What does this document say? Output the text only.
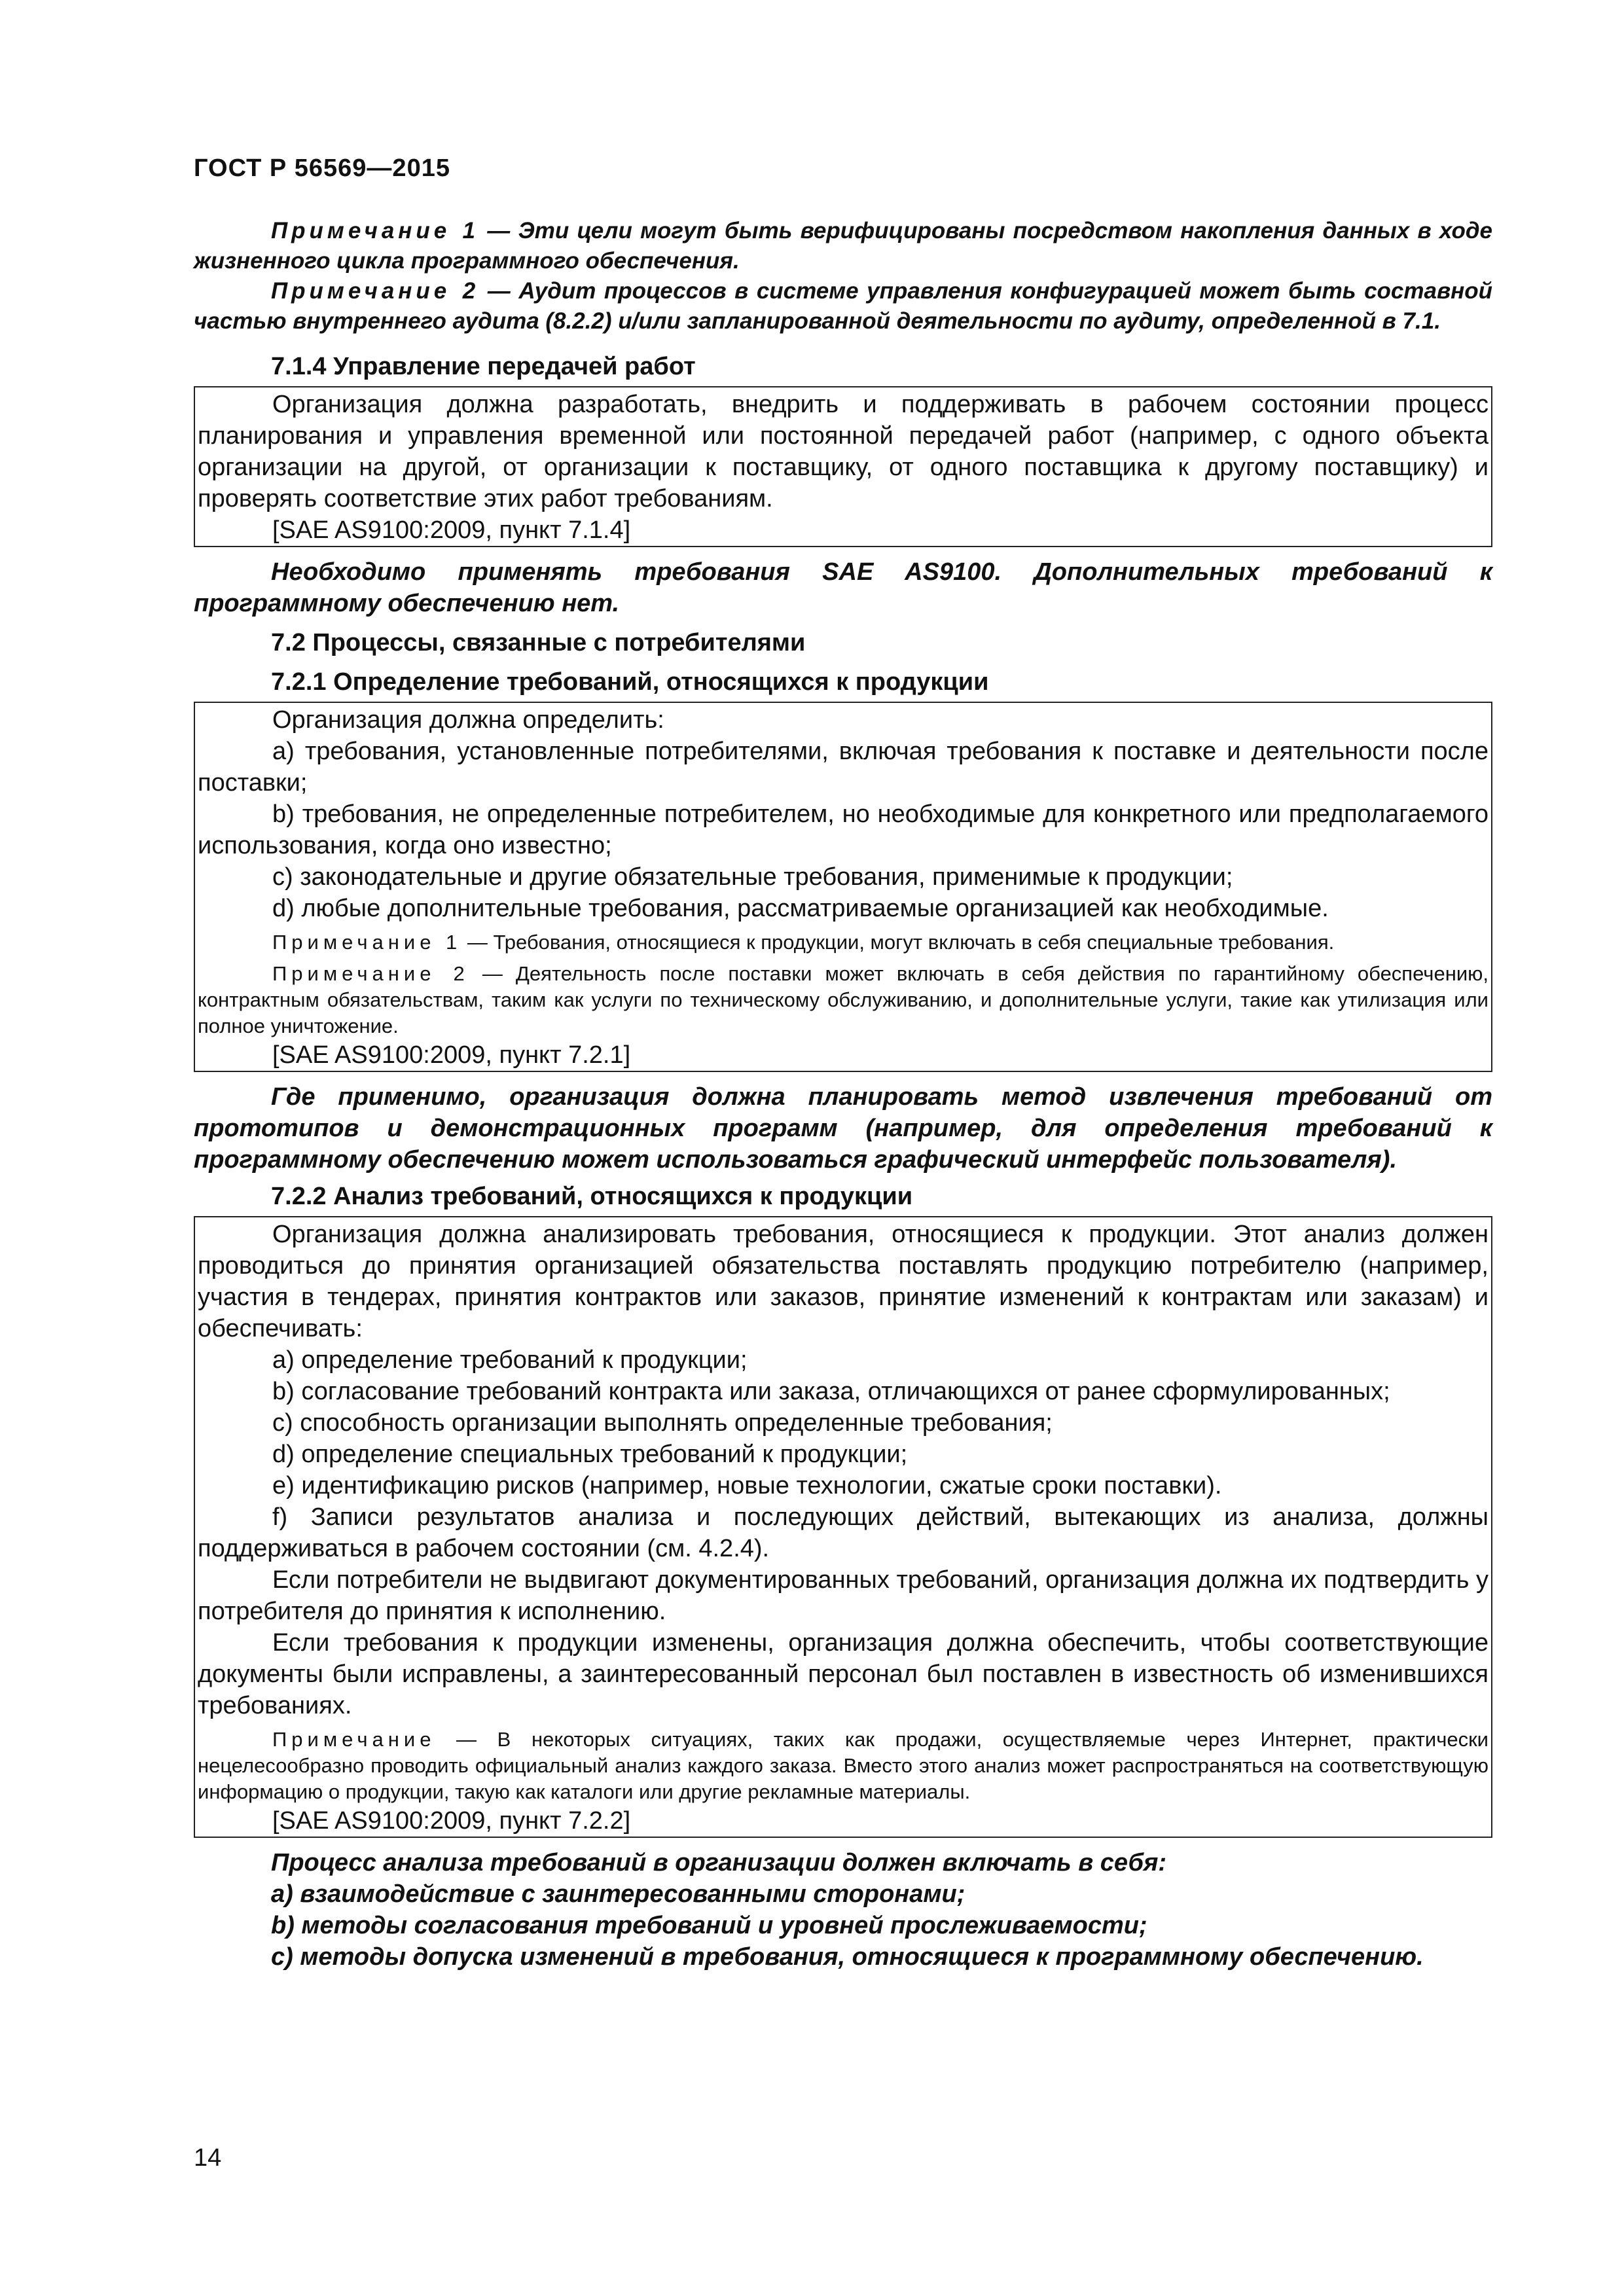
ГОСТ Р 56569—2015

Примечание 1 — Эти цели могут быть верифицированы посредством накопления данных в ходе жизненного цикла программного обеспечения.

Примечание 2 — Аудит процессов в системе управления конфигурацией может быть составной частью внутреннего аудита (8.2.2) и/или запланированной деятельности по аудиту, определенной в 7.1.

7.1.4 Управление передачей работ

Организация должна разработать, внедрить и поддерживать в рабочем состоянии процесс планирования и управления временной или постоянной передачей работ (например, с одного объекта организации на другой, от организации к поставщику, от одного поставщика к другому поставщику) и проверять соответствие этих работ требованиям.

[SAE AS9100:2009, пункт 7.1.4]

Необходимо применять требования SAE AS9100. Дополнительных требований к программному обеспечению нет.

7.2 Процессы, связанные с потребителями

7.2.1 Определение требований, относящихся к продукции

Организация должна определить:

a) требования, установленные потребителями, включая требования к поставке и деятельности после поставки;

b) требования, не определенные потребителем, но необходимые для конкретного или предполагаемого использования, когда оно известно;

c) законодательные и другие обязательные требования, применимые к продукции;

d) любые дополнительные требования, рассматриваемые организацией как необходимые.

Примечание 1 — Требования, относящиеся к продукции, могут включать в себя специальные требования.

Примечание 2 — Деятельность после поставки может включать в себя действия по гарантийному обеспечению, контрактным обязательствам, таким как услуги по техническому обслуживанию, и дополнительные услуги, такие как утилизация или полное уничтожение.

[SAE AS9100:2009, пункт 7.2.1]

Где применимо, организация должна планировать метод извлечения требований от прототипов и демонстрационных программ (например, для определения требований к программному обеспечению может использоваться графический интерфейс пользователя).

7.2.2 Анализ требований, относящихся к продукции

Организация должна анализировать требования, относящиеся к продукции. Этот анализ должен проводиться до принятия организацией обязательства поставлять продукцию потребителю (например, участия в тендерах, принятия контрактов или заказов, принятие изменений к контрактам или заказам) и обеспечивать:

a) определение требований к продукции;

b) согласование требований контракта или заказа, отличающихся от ранее сформулированных;

c) способность организации выполнять определенные требования;

d) определение специальных требований к продукции;

e) идентификацию рисков (например, новые технологии, сжатые сроки поставки).

f) Записи результатов анализа и последующих действий, вытекающих из анализа, должны поддерживаться в рабочем состоянии (см. 4.2.4).

Если потребители не выдвигают документированных требований, организация должна их подтвердить у потребителя до принятия к исполнению.

Если требования к продукции изменены, организация должна обеспечить, чтобы соответствующие документы были исправлены, а заинтересованный персонал был поставлен в известность об изменившихся требованиях.

Примечание — В некоторых ситуациях, таких как продажи, осуществляемые через Интернет, практически нецелесообразно проводить официальный анализ каждого заказа. Вместо этого анализ может распространяться на соответствующую информацию о продукции, такую как каталоги или другие рекламные материалы.

[SAE AS9100:2009, пункт 7.2.2]

Процесс анализа требований в организации должен включать в себя:

a) взаимодействие с заинтересованными сторонами;

b) методы согласования требований и уровней прослеживаемости;

c) методы допуска изменений в требования, относящиеся к программному обеспечению.

14
